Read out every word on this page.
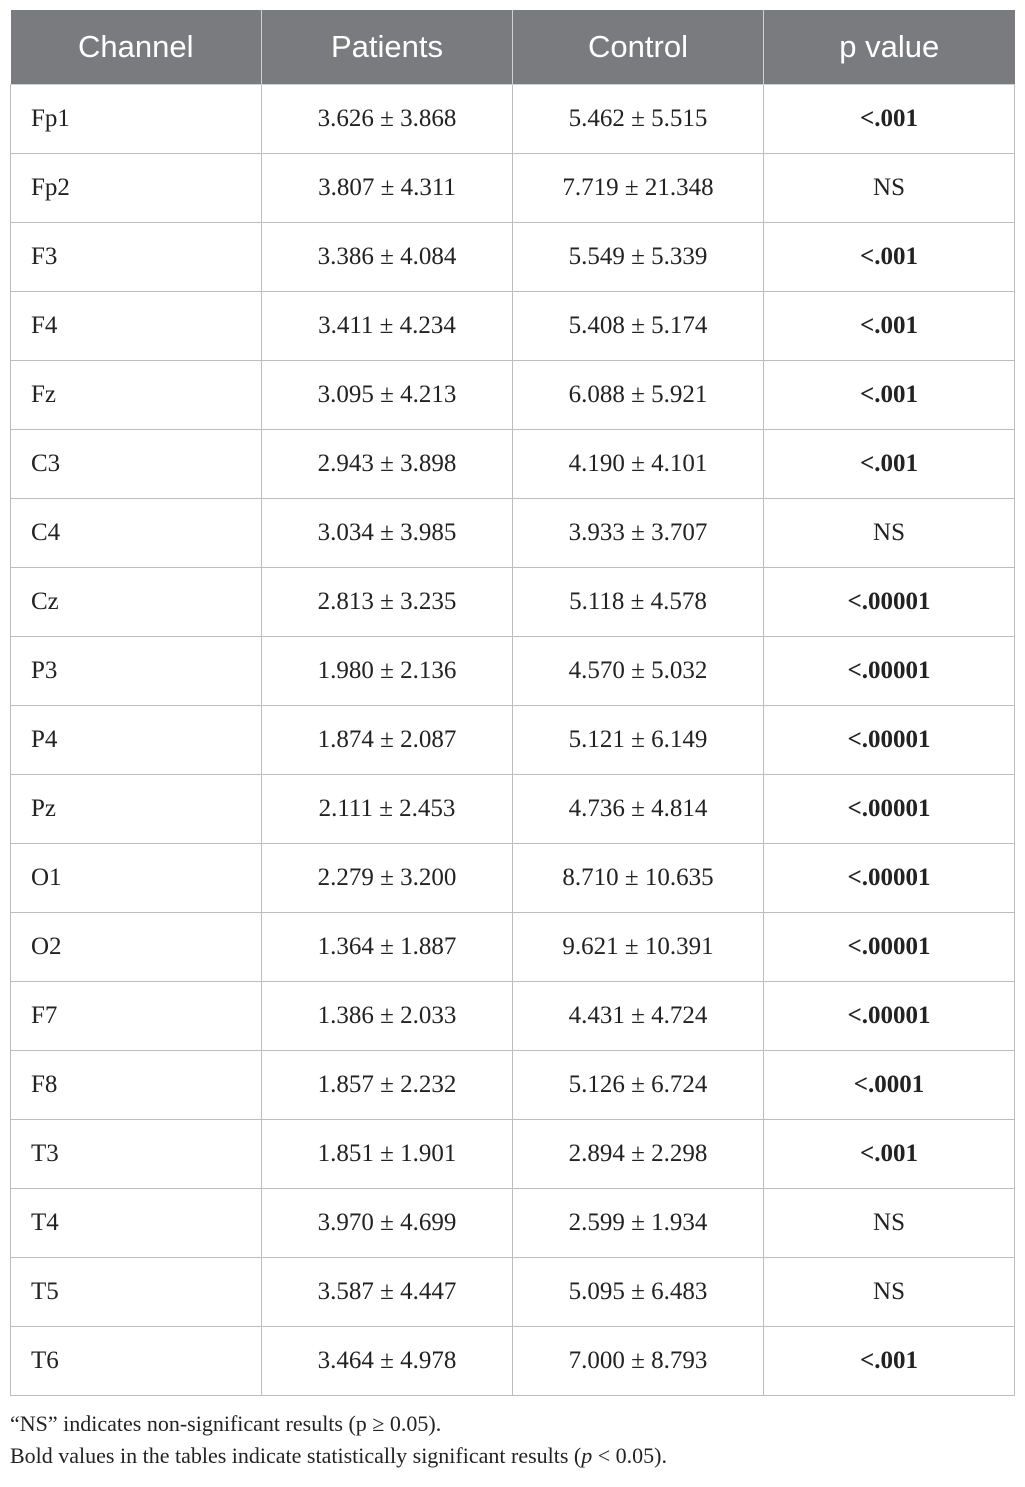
Channel	Patients	Control	p value
Fp1	3.626 ± 3.868	5.462 ± 5.515	<.001
Fp2	3.807 ± 4.311	7.719 ± 21.348	NS
F3	3.386 ± 4.084	5.549 ± 5.339	<.001
F4	3.411 ± 4.234	5.408 ± 5.174	<.001
Fz	3.095 ± 4.213	6.088 ± 5.921	<.001
C3	2.943 ± 3.898	4.190 ± 4.101	<.001
C4	3.034 ± 3.985	3.933 ± 3.707	NS
Cz	2.813 ± 3.235	5.118 ± 4.578	<.00001
P3	1.980 ± 2.136	4.570 ± 5.032	<.00001
P4	1.874 ± 2.087	5.121 ± 6.149	<.00001
Pz	2.111 ± 2.453	4.736 ± 4.814	<.00001
O1	2.279 ± 3.200	8.710 ± 10.635	<.00001
O2	1.364 ± 1.887	9.621 ± 10.391	<.00001
F7	1.386 ± 2.033	4.431 ± 4.724	<.00001
F8	1.857 ± 2.232	5.126 ± 6.724	<.0001
T3	1.851 ± 1.901	2.894 ± 2.298	<.001
T4	3.970 ± 4.699	2.599 ± 1.934	NS
T5	3.587 ± 4.447	5.095 ± 6.483	NS
T6	3.464 ± 4.978	7.000 ± 8.793	<.001

“NS” indicates non-significant results (p ≥ 0.05).

Bold values in the tables indicate statistically significant results (p < 0.05).
